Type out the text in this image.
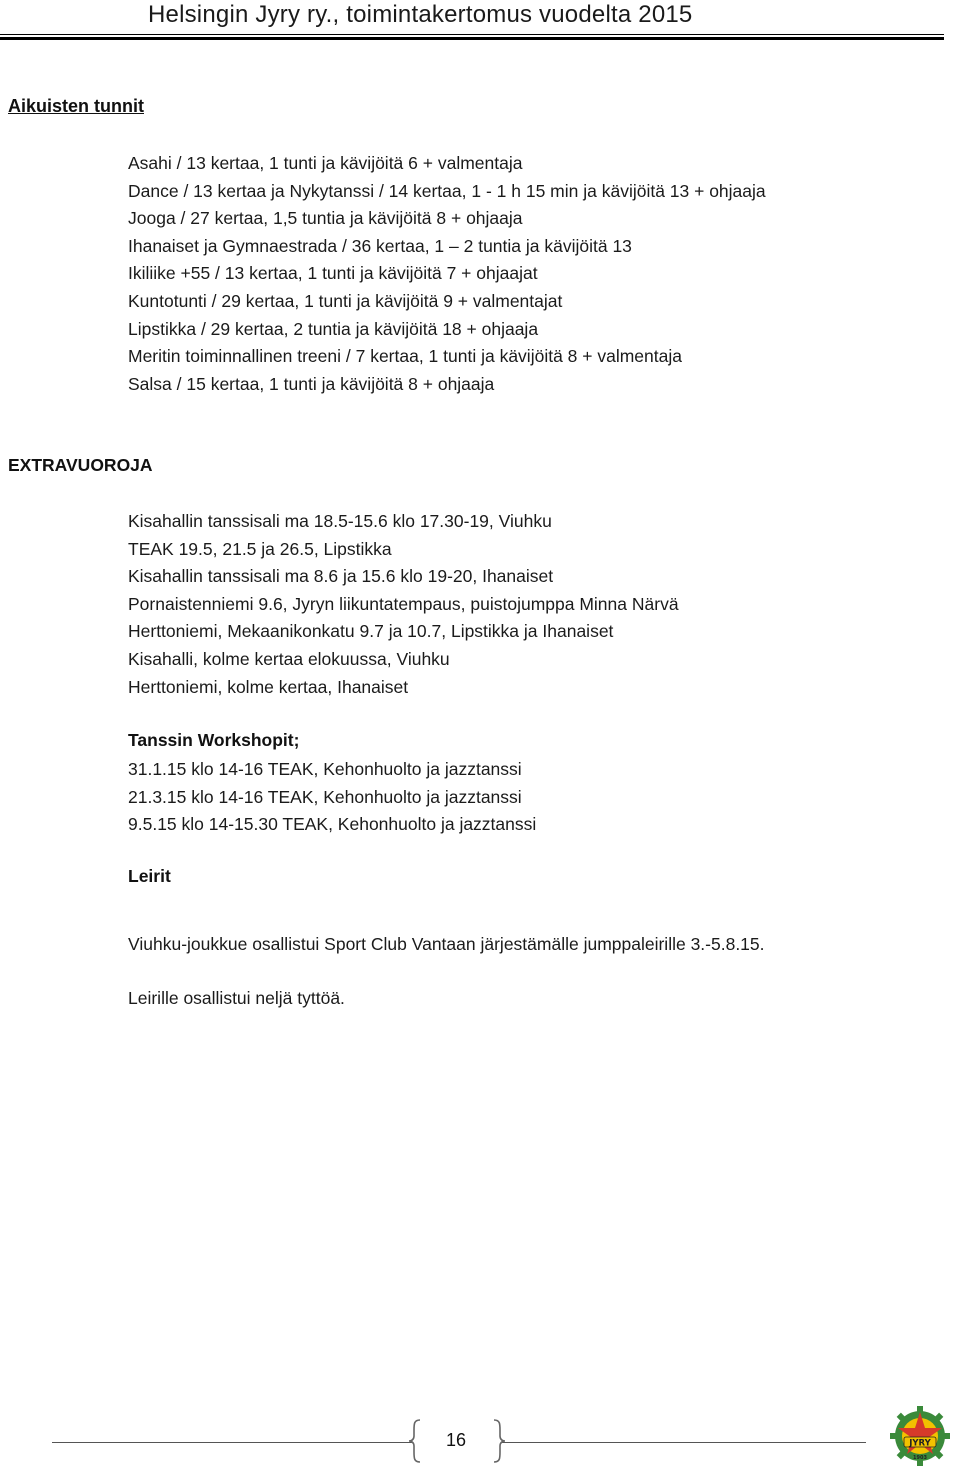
Helsingin Jyry ry., toimintakertomus vuodelta 2015
Aikuisten tunnit
Asahi / 13 kertaa, 1 tunti ja kävijöitä 6 + valmentaja
Dance / 13 kertaa ja Nykytanssi / 14 kertaa, 1 - 1 h 15 min ja kävijöitä 13 + ohjaaja
Jooga / 27 kertaa, 1,5 tuntia ja kävijöitä 8 + ohjaaja
Ihanaiset ja Gymnaestrada / 36 kertaa, 1 – 2 tuntia ja kävijöitä 13
Ikiliike +55 / 13 kertaa, 1 tunti ja kävijöitä 7 + ohjaajat
Kuntotunti / 29 kertaa, 1 tunti ja kävijöitä 9 + valmentajat
Lipstikka / 29 kertaa, 2 tuntia ja kävijöitä 18 + ohjaaja
Meritin toiminnallinen treeni / 7 kertaa, 1 tunti ja kävijöitä 8 + valmentaja
Salsa / 15 kertaa, 1 tunti ja kävijöitä 8 + ohjaaja
EXTRAVUOROJA
Kisahallin tanssisali ma 18.5-15.6 klo 17.30-19, Viuhku
TEAK 19.5, 21.5 ja 26.5, Lipstikka
Kisahallin tanssisali ma 8.6 ja 15.6 klo 19-20, Ihanaiset
Pornaistenniemi 9.6, Jyryn liikuntatempaus, puistojumppa Minna Närvä
Herttoniemi, Mekaanikonkatu 9.7 ja 10.7, Lipstikka ja Ihanaiset
Kisahalli, kolme kertaa elokuussa, Viuhku
Herttoniemi, kolme kertaa, Ihanaiset
Tanssin Workshopit;
31.1.15 klo 14-16 TEAK, Kehonhuolto ja jazztanssi
21.3.15 klo 14-16 TEAK, Kehonhuolto ja jazztanssi
9.5.15 klo 14-15.30 TEAK, Kehonhuolto ja jazztanssi
Leirit
Viuhku-joukkue osallistui Sport Club Vantaan järjestämälle jumppaleirille 3.-5.8.15.
Leirille osallistui neljä tyttöä.
16	JYRY
1903
